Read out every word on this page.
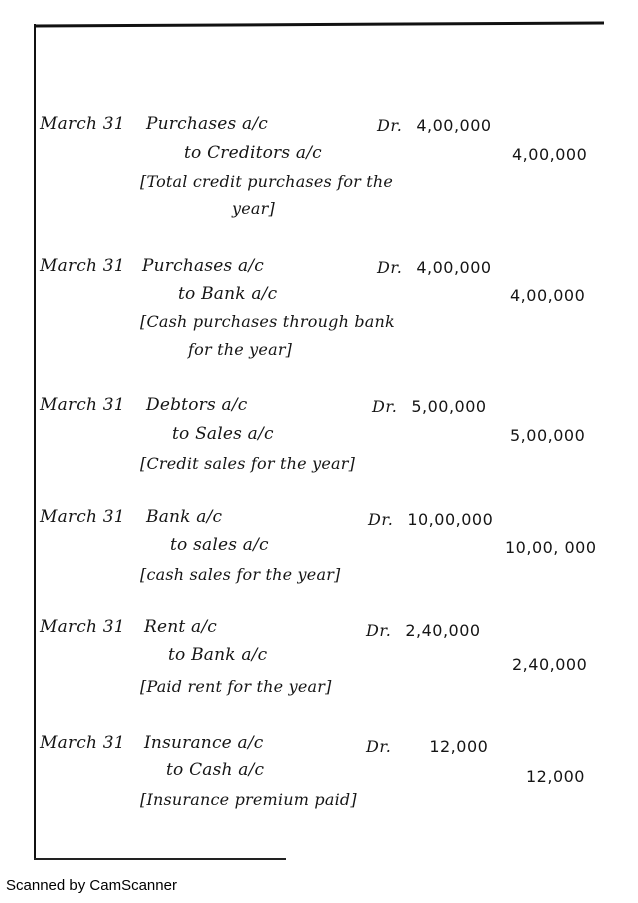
March 31 Purchases a/c	Dr. 4,00,000
to Creditors a/c	4,00,000
[Total credit purchases for the
year]
March 31 Purchases a/c	Dr. 4,00,000
to Bank a/c	4,00,000
[Cash purchases through bank
for the year]
March 31 Debtors a/c	Dr. 5,00,000
to Sales a/c	5,00,000
[Credit sales for the year]
March 31 Bank a/c	Dr. 10,00,000
to sales a/c	10,00, 000
[cash sales for the year]
March 31 Rent a/c	Dr. 2,40,000
to Bank a/c	2,40,000
[Paid rent for the year]
March 31 Insurance a/c	Dr. 12,000
to Cash a/c	12,000
[Insurance premium paid]
Scanned by CamScanner
